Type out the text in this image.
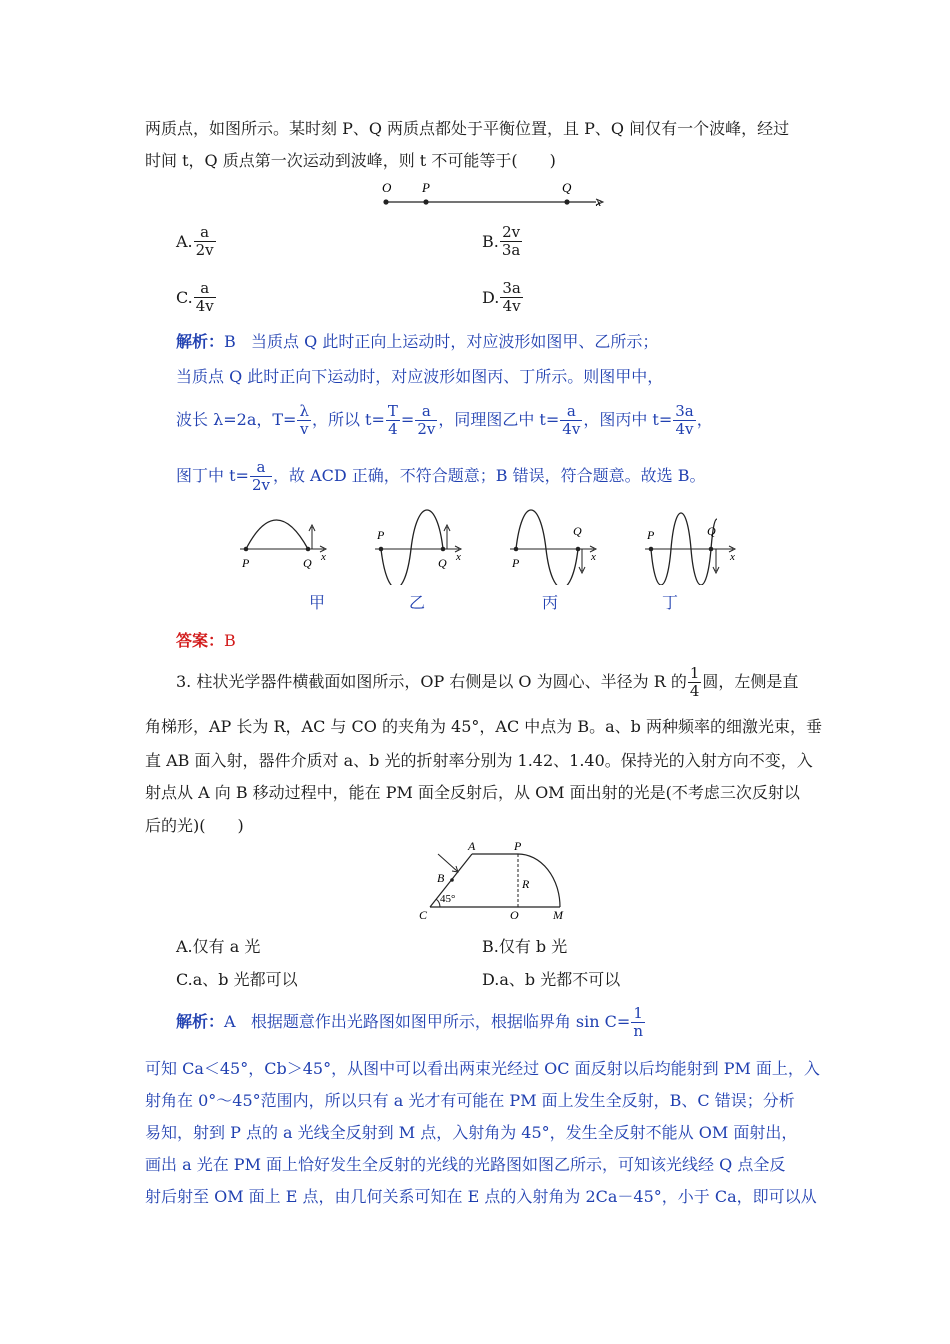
两质点，如图所示。某时刻 P、Q 两质点都处于平衡位置，且 P、Q 间仅有一个波峰，经过
时间 t，Q 质点第一次运动到波峰，则 t 不可能等于(　　)
O P	Q
x
A. $\frac{a}{2v}$	B. $\frac{2v}{3a}$
C. $\frac{a}{4v}$	D. $\frac{3a}{4v}$
解析：B 当质点 Q 此时正向上运动时，对应波形如图甲、乙所示；
当质点 Q 此时正向下运动时，对应波形如图丙、丁所示。则图甲中，
波长 λ=2a，$T= \frac{\lambda}{v}$ ，所以 $t= \frac{T}{4} = \frac{a}{2v}$ ，同理图乙中 $t= \frac{a}{4v}$ ，图丙中 $t= \frac{3a}{4v}$ ，
图丁中 $t= \frac{a}{2v}$ ，故 ACD 正确，不符合题意；B 错误，符合题意。故选 B。
P	Q x
P
Q x	P
Q
x
P	Q
x
甲	乙	丙	丁
答案：B
3. 柱状光学器件横截面如图所示，OP 右侧是以 O 为圆心、半径为 R 的 $\frac{1}{4}$ 圆，左侧是直
角梯形，AP 长为 R，AC 与 CO 的夹角为 45°，AC 中点为 B。a、b 两种频率的细激光束，垂
直 AB 面入射，器件介质对 a、b 光的折射率分别为 1.42、1.40。保持光的入射方向不变，入
射点从 A 向 B 移动过程中，能在 PM 面全反射后，从 OM 面出射的光是(不考虑三次反射以
后的光)(　　)
A	P
B	R
45°
C	O	M
A.仅有 a 光	B.仅有 b 光
C.a、b 光都可以	D.a、b 光都不可以
解析：A 根据题意作出光路图如图甲所示，根据临界角 $\sin C= \frac{1}{n}$
可知 Ca＜45°，Cb＞45°，从图中可以看出两束光经过 OC 面反射以后均能射到 PM 面上，入
射角在 0°～45°范围内，所以只有 a 光才有可能在 PM 面上发生全反射，B、C 错误；分析
易知，射到 P 点的 a 光线全反射到 M 点，入射角为 45°，发生全反射不能从 OM 面射出，
画出 a 光在 PM 面上恰好发生全反射的光线的光路图如图乙所示，可知该光线经 Q 点全反
射后射至 OM 面上 E 点，由几何关系可知在 E 点的入射角为 2Ca－45°，小于 Ca，即可以从
